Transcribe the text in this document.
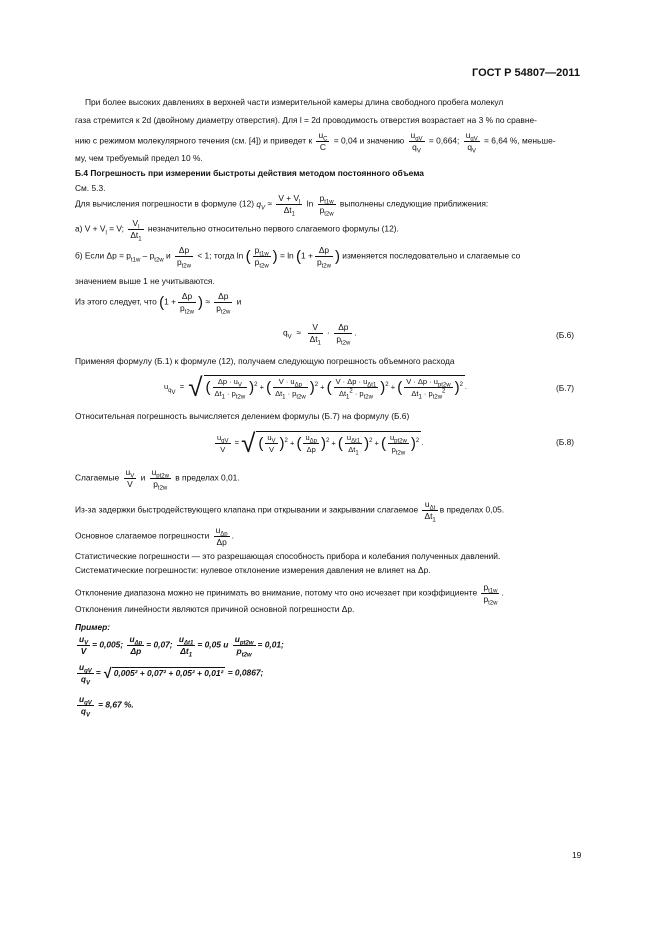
ГОСТ Р 54807—2011
При более высоких давлениях в верхней части измерительной камеры длина свободного пробега молекул
газа стремится к 2d (двойному диаметру отверстия). Для l = 2d проводимость отверстия возрастает на 3 % по сравне-
нию с режимом молекулярного течения (см. [4]) и приведет к $\frac{u_C}{C} = 0,04$ и значению $\frac{u_{qV}}{q_V} = 0,664$; $\frac{u_{qV}}{q_V} = 6,64$ %, меньше-
му, чем требуемый предел 10 %.
Б.4 Погрешность при измерении быстроты действия методом постоянного объема
См. 5.3.
Для вычисления погрешности в формуле (12) $q_V \approx \frac{V + V_l}{\Delta t_1}$ $\ln \frac{p_{t1w}}{p_{t2w}}$ выполнены следующие приближения:
а) $V + V_l = V$; $\frac{V_l}{\Delta t_1}$ незначительно относительно первого слагаемого формулы (12).
б) Если $\Delta p = p_{t1w} - p_{t2w}$ и $\frac{\Delta p}{p_{t2w}} < 1$; тогда ln ( $\frac{p_{t1w}}{p_{t2w}}$ ) = $\ln (1 + \frac{\Delta p}{p_{t2w}}$ ) изменяется последовательно и слагаемые со
значением выше 1 не учитываются.
Из этого следует, что ($1 + \frac{\Delta p}{p_{t2w}}$ ) ≈ $\frac{\Delta p}{p_{t2w}}$ и
$q_V \approx \frac{V}{\Delta t_1} \cdot \frac{\Delta p}{p_{t2w}}$ .	(Б.6)
Применяя формулу (Б.1) к формуле (12), получаем следующую погрешность объемного расхода
$u_{q_V}$  =  √ ( $\frac{\Delta p \cdot u_V}{\Delta t_1 \cdot p_{t2w}} )^2$ + ( $\frac{V \cdot u_{\Delta p}}{\Delta t_1 \cdot p_{t2w}} )^2$ + ( $\frac{V \cdot \Delta p \cdot u_{\Delta t1}}{\Delta t_1^2 \cdot p_{t2w}} )^2$ + ( $\frac{V \cdot \Delta p \cdot u_{pt2w}}{\Delta t_1 \cdot p_{t2w}^2} )^2$ .	(Б.7)
Относительная погрешность вычисляется делением формулы (Б.7) на формулу (Б.6)
$\frac{u_{qV}}{V}$ = √ ( $\frac{u_V}{V} )^2$ + ( $\frac{u_{\Delta p}}{\Delta p} )^2$ + ( $\frac{u_{\Delta t1}}{\Delta t_1} )^2$ + ( $\frac{u_{pt2w}}{p_{t2w}} )^2$ .	(Б.8)
Слагаемые $\frac{u_V}{V}$ и $\frac{u_{pt2w}}{p_{t2w}}$ в пределах 0,01.
Из-за задержки быстродействующего клапана при открывании и закрывании слагаемое $\frac{u_{\Delta t}}{\Delta t_1}$ в пределах 0,05.
Основное слагаемое погрешности $\frac{u_{\Delta p}}{\Delta p}$ .
Статистические погрешности — это разрешающая способность прибора и колебания полученных давлений.
Систематические погрешности: нулевое отклонение измерения давления не влияет на Δp.
Отклонение диапазона можно не принимать во внимание, потому что оно исчезает при коэффициенте $\frac{p_{t1w}}{p_{t2w}}$ .
Отклонения линейности являются причиной основной погрешности Δp.
Пример:
$\frac{u_V}{V} = 0,005$; $\frac{u_{\Delta p}}{\Delta p} = 0,07$; $\frac{u_{\Delta t1}}{\Delta t_1} = 0,05$ и $\frac{u_{pt2w}}{p_{t2w}} = 0,01$;
$\frac{u_{qV}}{q_V}$ = √ 0,005² + 0,07² + 0,05² + 0,01² = 0,0867;
$\frac{u_{qV}}{q_V} = 8,67$ %.
19
